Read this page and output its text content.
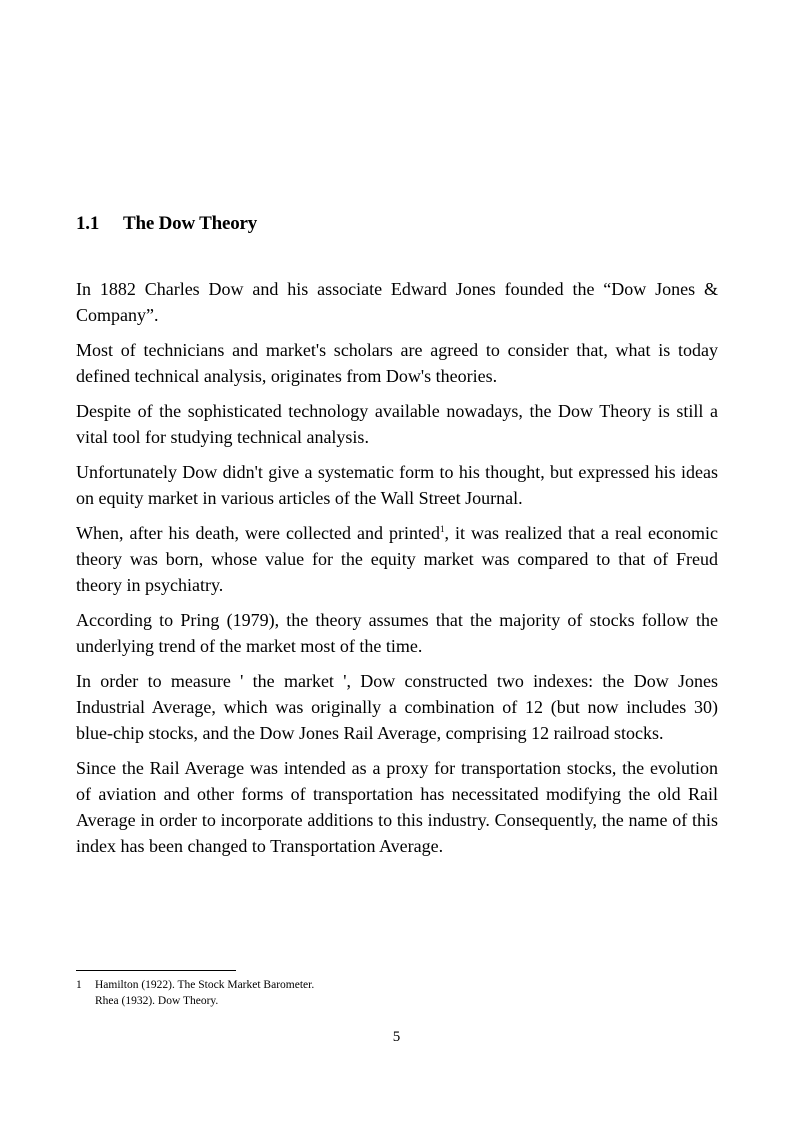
1.1 The Dow Theory

In 1882 Charles Dow and his associate Edward Jones founded the “Dow Jones & Company”.

Most of technicians and market's scholars are agreed to consider that, what is today defined technical analysis, originates from Dow's theories.

Despite of the sophisticated technology available nowadays, the Dow Theory is still a vital tool for studying technical analysis.

Unfortunately Dow didn't give a systematic form to his thought, but expressed his ideas on equity market in various articles of the Wall Street Journal.

When, after his death, were collected and printed$^1$, it was realized that a real economic theory was born, whose value for the equity market was compared to that of Freud theory in psychiatry.

According to Pring (1979), the theory assumes that the majority of stocks follow the underlying trend of the market most of the time.

In order to measure ' the market ', Dow constructed two indexes: the Dow Jones Industrial Average, which was originally a combination of 12 (but now includes 30) blue-chip stocks, and the Dow Jones Rail Average, comprising 12 railroad stocks.

Since the Rail Average was intended as a proxy for transportation stocks, the evolution of aviation and other forms of transportation has necessitated modifying the old Rail Average in order to incorporate additions to this industry. Consequently, the name of this index has been changed to Transportation Average.

1	Hamilton (1922). The Stock Market Barometer.
Rhea (1932). Dow Theory.
5
